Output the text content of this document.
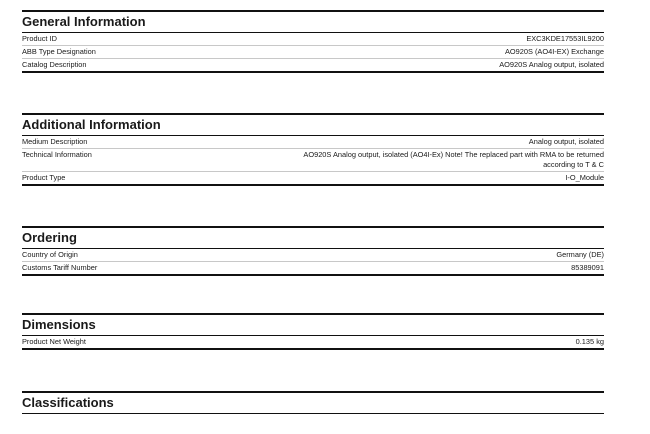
General Information
Product ID	EXC3KDE17553IL9200
ABB Type Designation	AO920S (AO4I-EX) Exchange
Catalog Description	AO920S Analog output, isolated
Additional Information
Medium Description	Analog output, isolated
Technical Information	AO920S Analog output, isolated (AO4I-Ex) Note! The replaced part with RMA to be returned according to T & C
Product Type	I-O_Module
Ordering
Country of Origin	Germany (DE)
Customs Tariff Number	85389091
Dimensions
Product Net Weight	0.135 kg
Classifications
